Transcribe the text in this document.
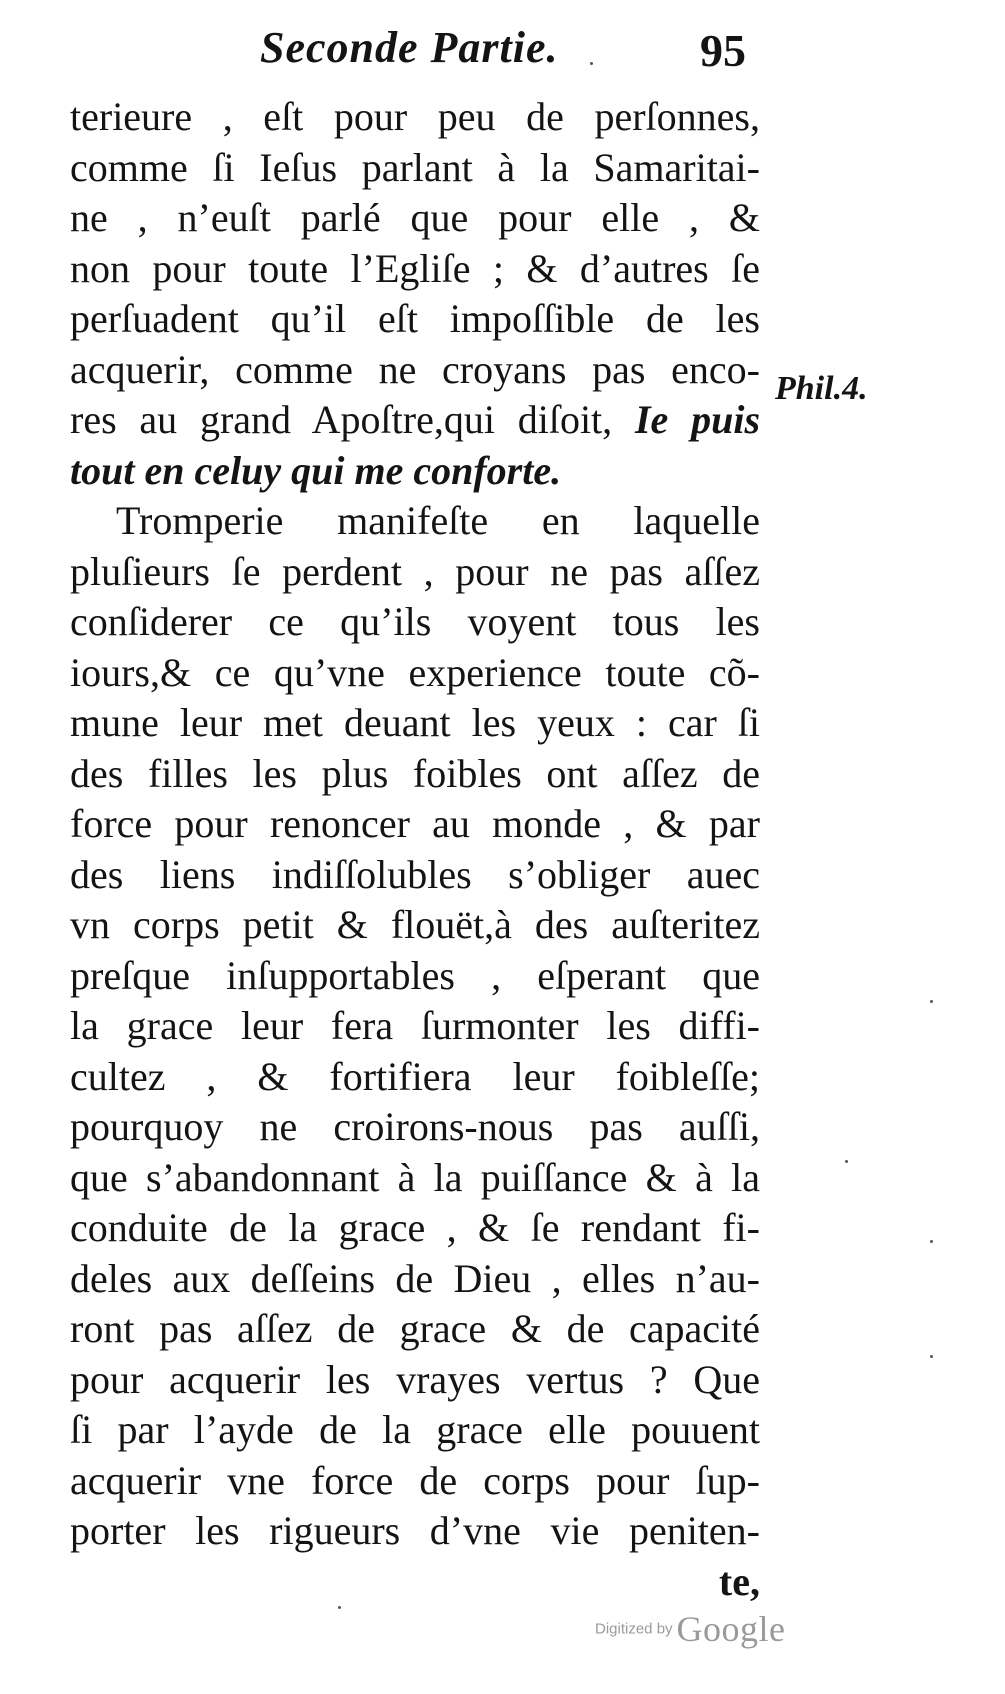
Seconde Partie.	95
Phil.4.
terieure , eſt pour peu de perſonnes,
comme ſi Ieſus parlant à la Samaritai-
ne , n’euſt parlé que pour elle , &
non pour toute l’Egliſe ; & d’autres ſe
perſuadent qu’il eſt impoſſible de les
acquerir, comme ne croyans pas enco-
res au grand Apoſtre,qui diſoit, Ie puis
tout en celuy qui me conforte.
Tromperie manifeſte en laquelle
pluſieurs ſe perdent , pour ne pas aſſez
conſiderer ce qu’ils voyent tous les
iours,& ce qu’vne experience toute cõ-
mune leur met deuant les yeux : car ſi
des filles les plus foibles ont aſſez de
force pour renoncer au monde , & par
des liens indiſſolubles s’obliger auec
vn corps petit & flouët,à des auſteritez
preſque inſupportables , eſperant que
la grace leur fera ſurmonter les diffi-
cultez , & fortifiera leur foibleſſe;
pourquoy ne croirons-nous pas auſſi,
que s’abandonnant à la puiſſance & à la
conduite de la grace , & ſe rendant fi-
deles aux deſſeins de Dieu , elles n’au-
ront pas aſſez de grace & de capacité
pour acquerir les vrayes vertus ? Que
ſi par l’ayde de la grace elle pouuent
acquerir vne force de corps pour ſup-
porter les rigueurs d’vne vie peniten-
te,
Digitized by Google
